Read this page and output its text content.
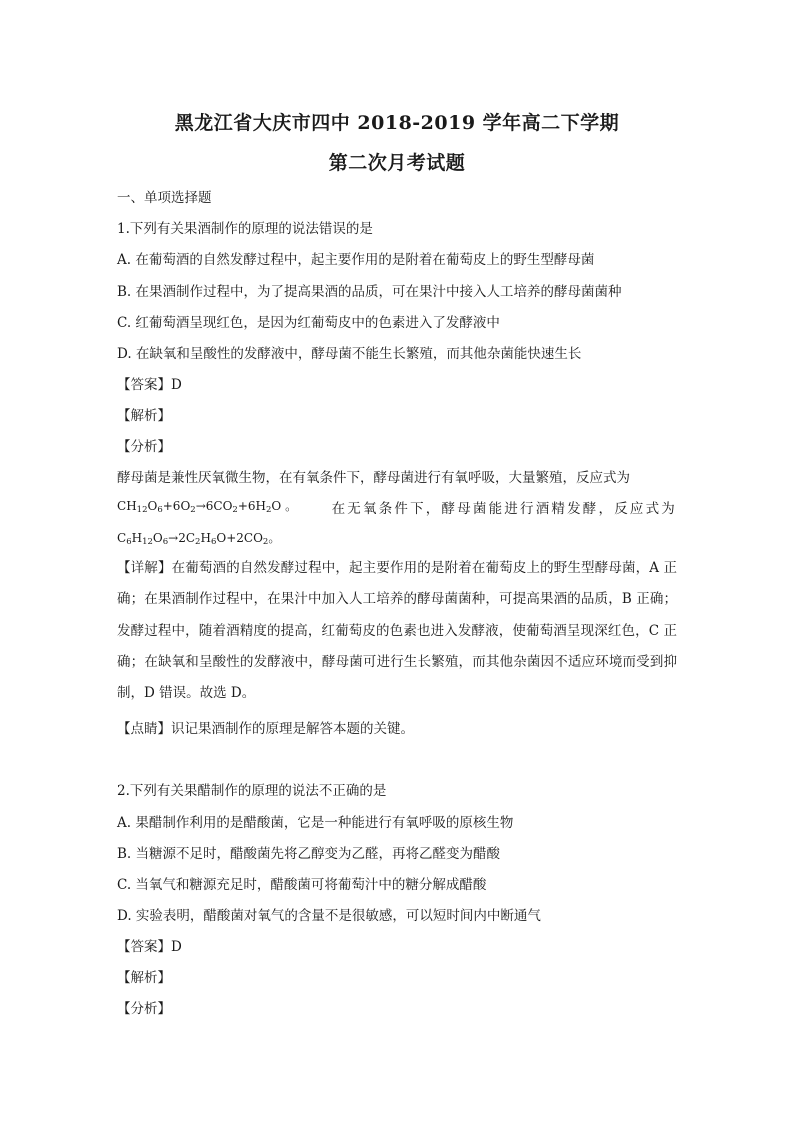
黑龙江省大庆市四中 2018-2019 学年高二下学期
第二次月考试题
一、单项选择题
1.下列有关果酒制作的原理的说法错误的是
A. 在葡萄酒的自然发酵过程中，起主要作用的是附着在葡萄皮上的野生型酵母菌
B. 在果酒制作过程中，为了提高果酒的品质，可在果汁中接入人工培养的酵母菌菌种
C. 红葡萄酒呈现红色，是因为红葡萄皮中的色素进入了发酵液中
D. 在缺氧和呈酸性的发酵液中，酵母菌不能生长繁殖，而其他杂菌能快速生长
【答案】D
【解析】
【分析】
酵母菌是兼性厌氧微生物，在有氧条件下，酵母菌进行有氧呼吸，大量繁殖，反应式为
$CH_{12}O_6+6O_2\to 6CO_2+6H_2O$ 。	在无氧条件下，酵母菌能进行酒精发酵，反应式为
$C_6H_{12}O_6\to 2C_2H_6O+2CO_2$。

【详解】在葡萄酒的自然发酵过程中，起主要作用的是附着在葡萄皮上的野生型酵母菌，A 正确；在果酒制作过程中，在果汁中加入人工培养的酵母菌菌种，可提高果酒的品质，B 正确；发酵过程中，随着酒精度的提高，红葡萄皮的色素也进入发酵液，使葡萄酒呈现深红色，C 正确；在缺氧和呈酸性的发酵液中，酵母菌可进行生长繁殖，而其他杂菌因不适应环境而受到抑制，D 错误。故选 D。

【点睛】识记果酒制作的原理是解答本题的关键。
2.下列有关果醋制作的原理的说法不正确的是
A. 果醋制作利用的是醋酸菌，它是一种能进行有氧呼吸的原核生物
B. 当糖源不足时，醋酸菌先将乙醇变为乙醛，再将乙醛变为醋酸
C. 当氧气和糖源充足时，醋酸菌可将葡萄汁中的糖分解成醋酸
D. 实验表明，醋酸菌对氧气的含量不是很敏感，可以短时间内中断通气
【答案】D
【解析】
【分析】
